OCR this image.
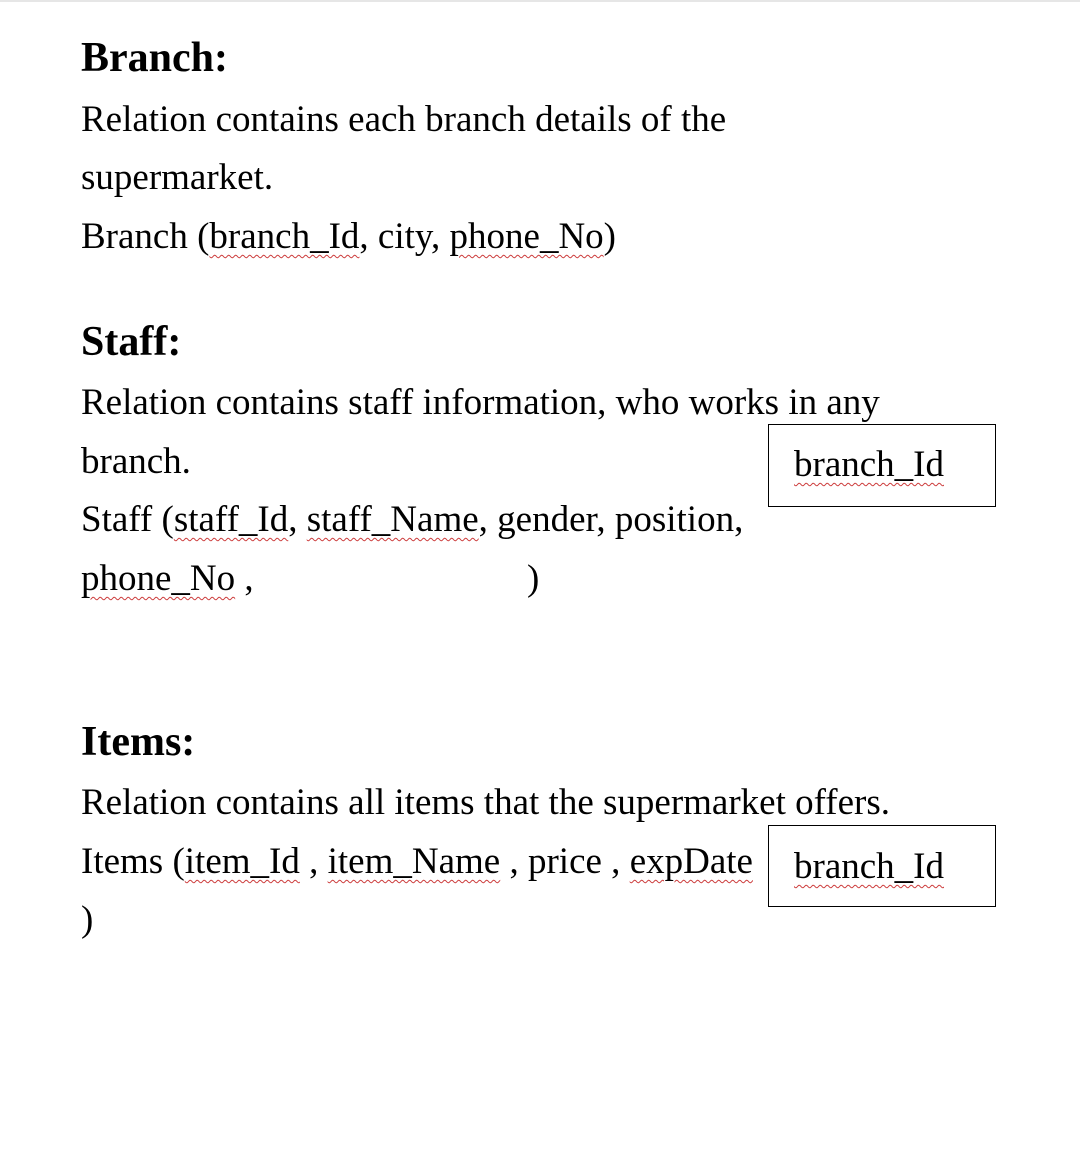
Branch:
Relation contains each branch details of the
supermarket.
Branch (branch_Id, city, phone_No)
Staff:
Relation contains staff information, who works in any
branch.
Staff (staff_Id, staff_Name, gender, position,
phone_No ,	)
branch_Id
Items:
Relation contains all items that the supermarket offers.
Items (item_Id , item_Name , price , expDate
)
branch_Id
